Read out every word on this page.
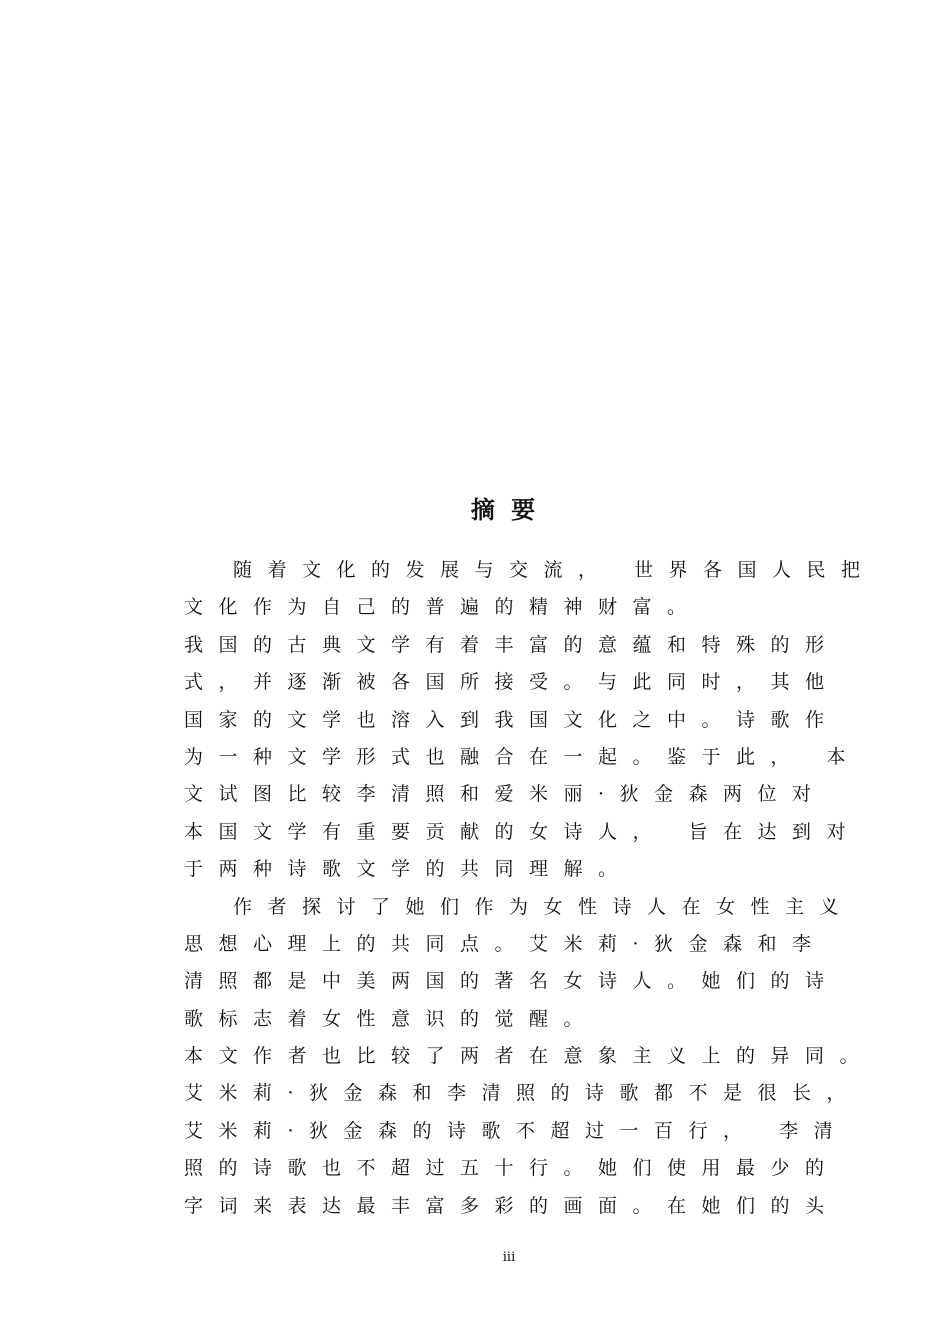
摘 要
随着文化的发展与交流， 世界各国人民把
文化作为自己的普遍的精神财富。
我国的古典文学有着丰富的意蕴和特殊的形
式，并逐渐被各国所接受。与此同时，其他
国家的文学也溶入到我国文化之中。诗歌作
为一种文学形式也融合在一起。鉴于此， 本
文试图比较李清照和爱米丽·狄金森两位对
本国文学有重要贡献的女诗人， 旨在达到对
于两种诗歌文学的共同理解。
作者探讨了她们作为女性诗人在女性主义
思想心理上的共同点。艾米莉·狄金森和李
清照都是中美两国的著名女诗人。她们的诗
歌标志着女性意识的觉醒。
本文作者也比较了两者在意象主义上的异同。
艾米莉·狄金森和李清照的诗歌都不是很长，
艾米莉·狄金森的诗歌不超过一百行， 李清
照的诗歌也不超过五十行。她们使用最少的
字词来表达最丰富多彩的画面。在她们的头
iii
